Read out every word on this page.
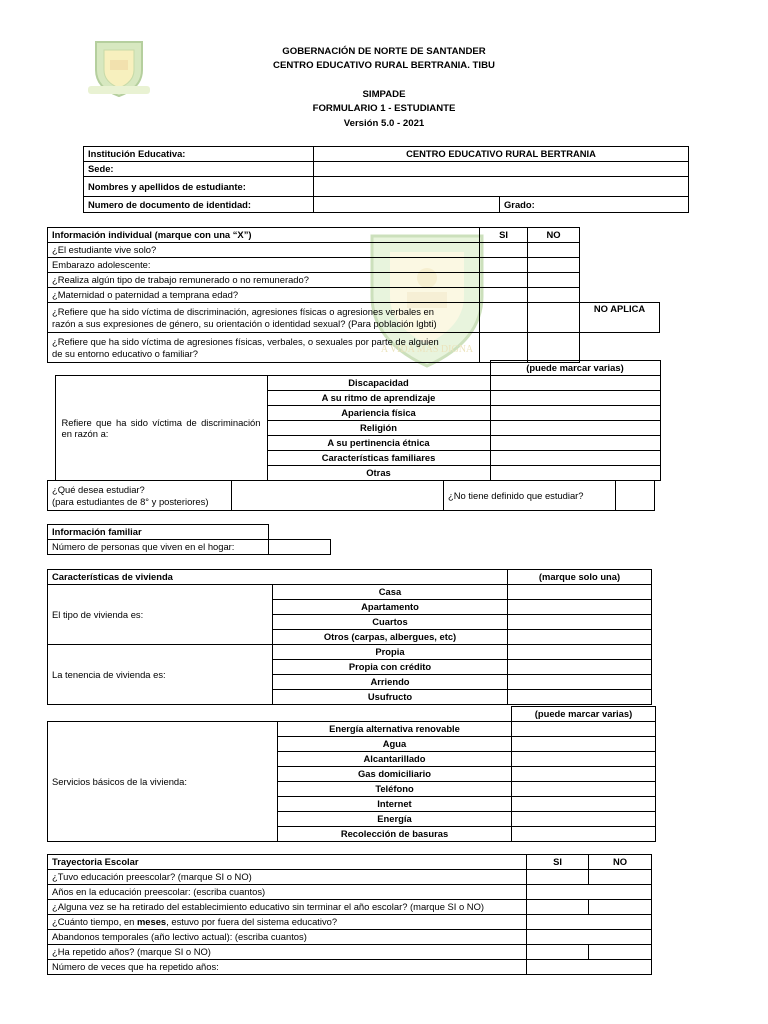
A VIDA MÁS DIGNA
GOBERNACIÓN DE NORTE DE SANTANDER
CENTRO EDUCATIVO RURAL BERTRANIA. TIBU
SIMPADE
FORMULARIO 1 - ESTUDIANTE
Versión 5.0 - 2021
Institución Educativa:	CENTRO EDUCATIVO RURAL BERTRANIA	
Sede:		
Nombres y apellidos de estudiante:		
Numero de documento de identidad:		Grado:
Información individual (marque con una “X”)	SI	NO	
¿El estudiante vive solo?			
Embarazo adolescente:			
¿Realiza algún tipo de trabajo remunerado o no remunerado?			
¿Maternidad o paternidad a temprana edad?			
¿Refiere que ha sido víctima de discriminación, agresiones físicas o agresiones verbales en
razón a sus expresiones de género, su orientación o identidad sexual? (Para población lgbti)			NO APLICA
¿Refiere que ha sido víctima de agresiones físicas, verbales, o sexuales por parte de alguien
de su entorno educativo o familiar?			
			(puede marcar varias)
	Refiere que ha sido víctima de discriminación en razón a:	Discapacidad	
		A su ritmo de aprendizaje	
		Apariencia física	
		Religión	
		A su pertinencia étnica	
		Características familiares	
		Otras	
¿Qué desea estudiar?
(para estudiantes de 8° y posteriores)		¿No tiene definido que estudiar?	
Información familiar	
Número de personas que viven en el hogar:	
Características de vivienda		(marque solo una)
El tipo de vivienda es:	Casa	
	Apartamento	
	Cuartos	
	Otros (carpas, albergues, etc)	
La tenencia de vivienda es:	Propia	
	Propia con crédito	
	Arriendo	
	Usufructo	
		(puede marcar varias)
Servicios básicos de la vivienda:	Energía alternativa renovable	
	Agua	
	Alcantarillado	
	Gas domiciliario	
	Teléfono	
	Internet	
	Energía	
	Recolección de basuras	
Trayectoria Escolar	SI	NO
¿Tuvo educación preescolar? (marque SI o NO)		
Años en la educación preescolar: (escriba cuantos)		
¿Alguna vez se ha retirado del establecimiento educativo sin terminar el año escolar? (marque SI o NO)		
¿Cuánto tiempo, en meses, estuvo por fuera del sistema educativo?		
Abandonos temporales (año lectivo actual): (escriba cuantos)		
¿Ha repetido años? (marque SI o NO)		
Número de veces que ha repetido años:		
